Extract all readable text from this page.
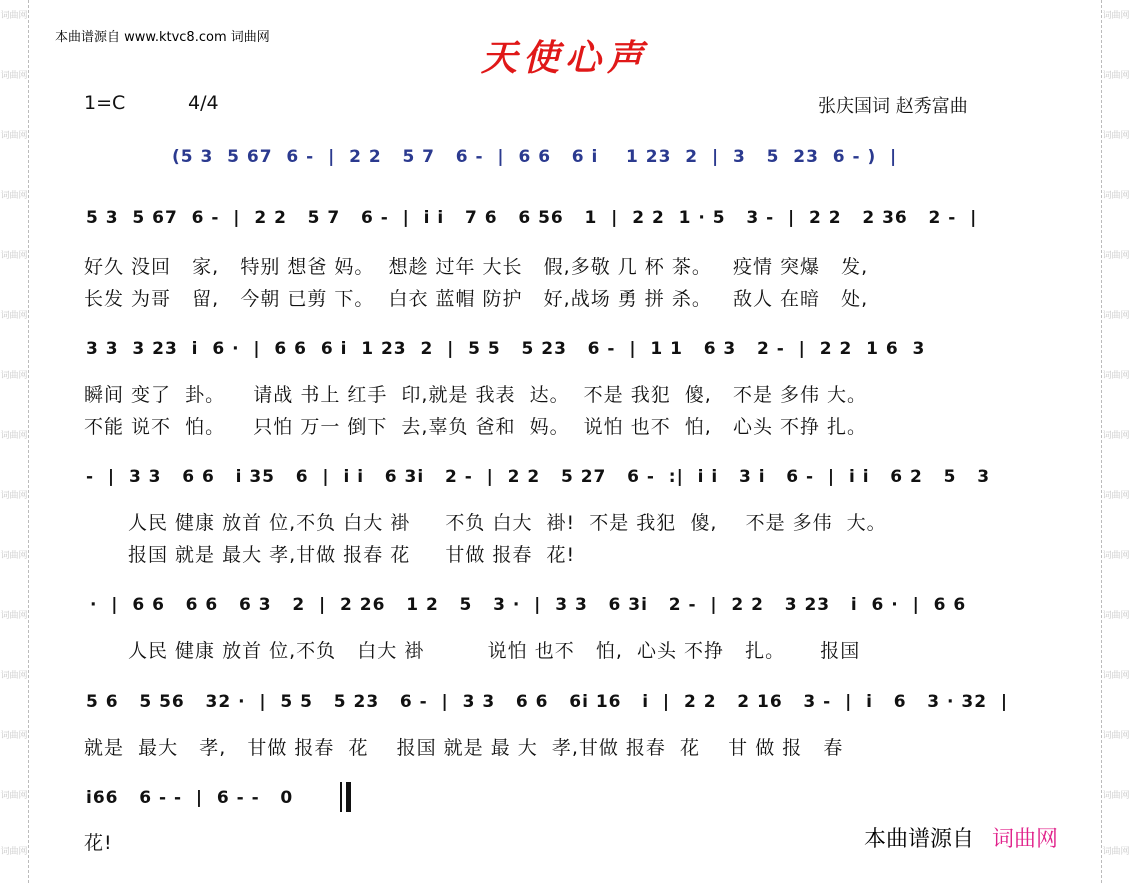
词曲网
词曲网
词曲网
词曲网
词曲网
词曲网
词曲网
词曲网
词曲网
词曲网
词曲网
词曲网
词曲网
词曲网
词曲网
词曲网
词曲网
词曲网
词曲网
词曲网
词曲网
词曲网
词曲网
词曲网
词曲网
词曲网
词曲网
词曲网
词曲网
词曲网
本曲谱源自 www.ktvc8.com 词曲网	天使心声
1=C	4/4	张庆国词 赵秀富曲
(5 3  5 67  6 -  |  2 2   5 7   6 -  |  6 6   6 i    1 23  2  |  3   5  23  6 - )  |
5 3  5 67  6 -  |  2 2   5 7   6 -  |  i i   7 6   6 56   1  |  2 2  1 · 5   3 -  |  2 2   2 36   2 -  |
好久 没回   家,   特别 想爸 妈。  想趁 过年 大长   假,多敬 几 杯 茶。   疫情 突爆   发,
长发 为哥   留,   今朝 已剪 下。  白衣 蓝帽 防护   好,战场 勇 拼 杀。   敌人 在暗   处,
3 3  3 23  i  6 ·  |  6 6  6 i  1 23  2  |  5 5   5 23   6 -  |  1 1   6 3   2 -  |  2 2  1 6  3
瞬间 变了  卦。    请战 书上 红手  印,就是 我表  达。  不是 我犯  傻,   不是 多伟 大。
不能 说不  怕。    只怕 万一 倒下  去,辜负 爸和  妈。  说怕 也不  怕,   心头 不挣 扎。
-  |  3 3   6 6   i 35   6  |  i i   6 3i   2 -  |  2 2   5 27   6 -  :|  i i   3 i   6 -  |  i i   6 2   5   3
人民 健康 放首 位,不负 白大 褂     不负 白大  褂!  不是 我犯  傻,    不是 多伟  大。
报国 就是 最大 孝,甘做 报春 花     甘做 报春  花!
·  |  6 6   6 6   6 3   2  |  2 26   1 2   5   3 ·  |  3 3   6 3i   2 -  |  2 2   3 23   i  6 ·  |  6 6
人民 健康 放首 位,不负   白大 褂         说怕 也不   怕,  心头 不挣   扎。     报国
5 6   5 56   32 ·  |  5 5   5 23   6 -  |  3 3   6 6   6i 16   i  |  2 2   2 16   3 -  |  i   6   3 · 32  |
就是  最大   孝,   甘做 报春  花    报国 就是 最 大  孝,甘做 报春  花    甘 做 报   春
i66   6 - -  |  6 - -   0
花!	本曲谱源自 词曲网
